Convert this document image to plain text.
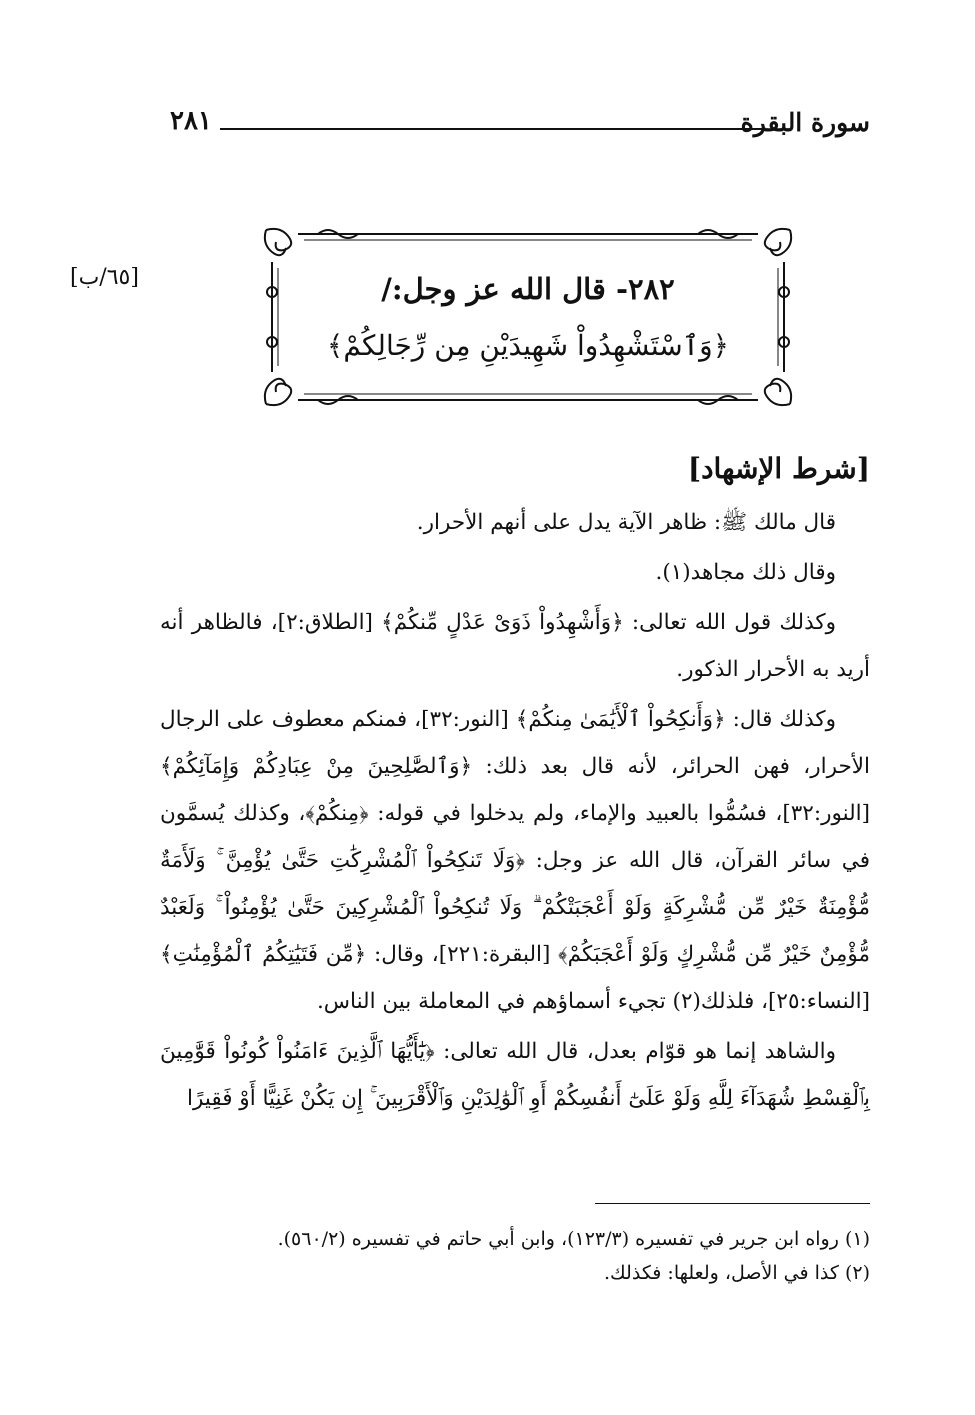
سورة البقرة
٢٨١
[٦٥/ب]	٢٨٢- قال الله عز وجل:/
﴿وَٱسْتَشْهِدُواْ شَهِيدَيْنِ مِن رِّجَالِكُمْ﴾
[شرط الإشهاد]

قال مالك ﷺ: ظاهر الآية يدل على أنهم الأحرار.

وقال ذلك مجاهد(١).

وكذلك قول الله تعالى: ﴿وَأَشْهِدُواْ ذَوَىْ عَدْلٍ مِّنكُمْ﴾ [الطلاق:٢]، فالظاهر أنه أريد به الأحرار الذكور.

وكذلك قال: ﴿وَأَنكِحُواْ ٱلْأَيَٰمَىٰ مِنكُمْ﴾ [النور:٣٢]، فمنكم معطوف على الرجال الأحرار، فهن الحرائر، لأنه قال بعد ذلك: ﴿وَٱلصَّٰلِحِينَ مِنْ عِبَادِكُمْ وَإِمَآئِكُمْ﴾ [النور:٣٢]، فسُمُّوا بالعبيد والإماء، ولم يدخلوا في قوله: ﴿مِنكُمْ﴾، وكذلك يُسمَّون في سائر القرآن، قال الله عز وجل: ﴿وَلَا تَنكِحُواْ ٱلْمُشْرِكَٰتِ حَتَّىٰ يُؤْمِنَّ ۚ وَلَأَمَةٌ مُّؤْمِنَةٌ خَيْرٌ مِّن مُّشْرِكَةٍ وَلَوْ أَعْجَبَتْكُمْ ۗ وَلَا تُنكِحُواْ ٱلْمُشْرِكِينَ حَتَّىٰ يُؤْمِنُواْ ۚ وَلَعَبْدٌ مُّؤْمِنٌ خَيْرٌ مِّن مُّشْرِكٍ وَلَوْ أَعْجَبَكُمْ﴾ [البقرة:٢٢١]، وقال: ﴿مِّن فَتَيَٰتِكُمُ ٱلْمُؤْمِنَٰتِ﴾ [النساء:٢٥]، فلذلك(٢) تجيء أسماؤهم في المعاملة بين الناس.

والشاهد إنما هو قوّام بعدل، قال الله تعالى: ﴿يَٰٓأَيُّهَا ٱلَّذِينَ ءَامَنُواْ كُونُواْ قَوَّٰمِينَ بِٱلْقِسْطِ شُهَدَآءَ لِلَّهِ وَلَوْ عَلَىٰٓ أَنفُسِكُمْ أَوِ ٱلْوَٰلِدَيْنِ وَٱلْأَقْرَبِينَ ۚ إِن يَكُنْ غَنِيًّا أَوْ فَقِيرًا

(١) رواه ابن جرير في تفسيره (١٢٣/٣)، وابن أبي حاتم في تفسيره (٥٦٠/٢).

(٢) كذا في الأصل، ولعلها: فكذلك.
